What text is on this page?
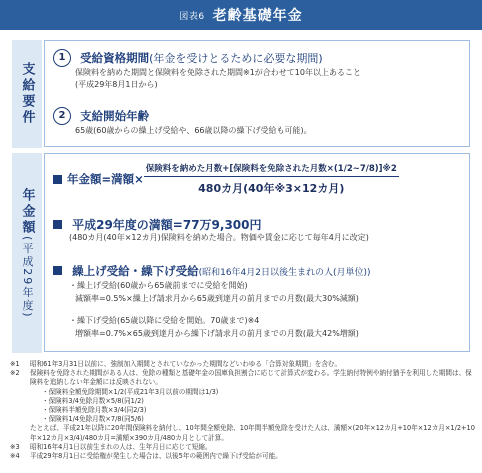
図表6 老齢基礎年金
支給要件
1 受給資格期間(年金を受けとるために必要な期間)
保険料を納めた期間と保険料を免除された期間※1が合わせて10年以上あること
(平成29年8月1日から)
2 支給開始年齢
65歳(60歳からの繰上げ受給や、66歳以降の繰下げ受給も可能)。
年金額
(平成29年度)
年金額=満額× $\frac{\text{保険料を納めた月数+[保険料を免除された月数×(1/2\textasciitilde{}7/8)]※2}}{\text{480カ月(40年※3×12カ月)}}$
平成29年度の満額=77万9,300円
(480カ月(40年×12カ月)保険料を納めた場合。物価や賃金に応じて毎年4月に改定)
繰上げ受給・繰下げ受給(昭和16年4月2日以後生まれの人(月単位))
・繰上げ受給(60歳から65歳前までに受給を開始)
減額率=0.5%×繰上げ請求月から65歳到達月の前月までの月数(最大30%減額)
・繰下げ受給(65歳以降に受給を開始。70歳まで)※4
増額率=0.7%×65歳到達月から繰下げ請求月の前月までの月数(最大42%増額)
※1	昭和61年3月31日以前に、強制加入期間とされていなかった期間などいわゆる「合算対象期間」を含む。
※2	保険料を免除された期間がある人は、免除の種類と基礎年金の国庫負担割合に応じて計算式が変わる。学生納付特例や納付猶予を利用した期間は、保険料を追納しない年金額には反映されない。
・保険料全額免除期間×1/2(平成21年3月以前の期間は1/3)
・保険料3/4免除月数×5/8(同1/2)
・保険料半額免除月数×3/4(同2/3)
・保険料1/4免除月数×7/8(同5/6)
たとえば、平成21年以降に20年間保険料を納付し、10年間全額免除、10年間半額免除を受けた人は、満額×(20年×12カ月+10年×12カ月×1/2+10年×12カ月×3/4)/480カ月=満額×390カ月/480カ月として計算。
※3	昭和16年4月1日以前生まれの人は、生年月日に応じて短縮。
※4	平成29年8月1日に受給権が発生した場合は、以後5年の範囲内で繰下げ受給が可能。
